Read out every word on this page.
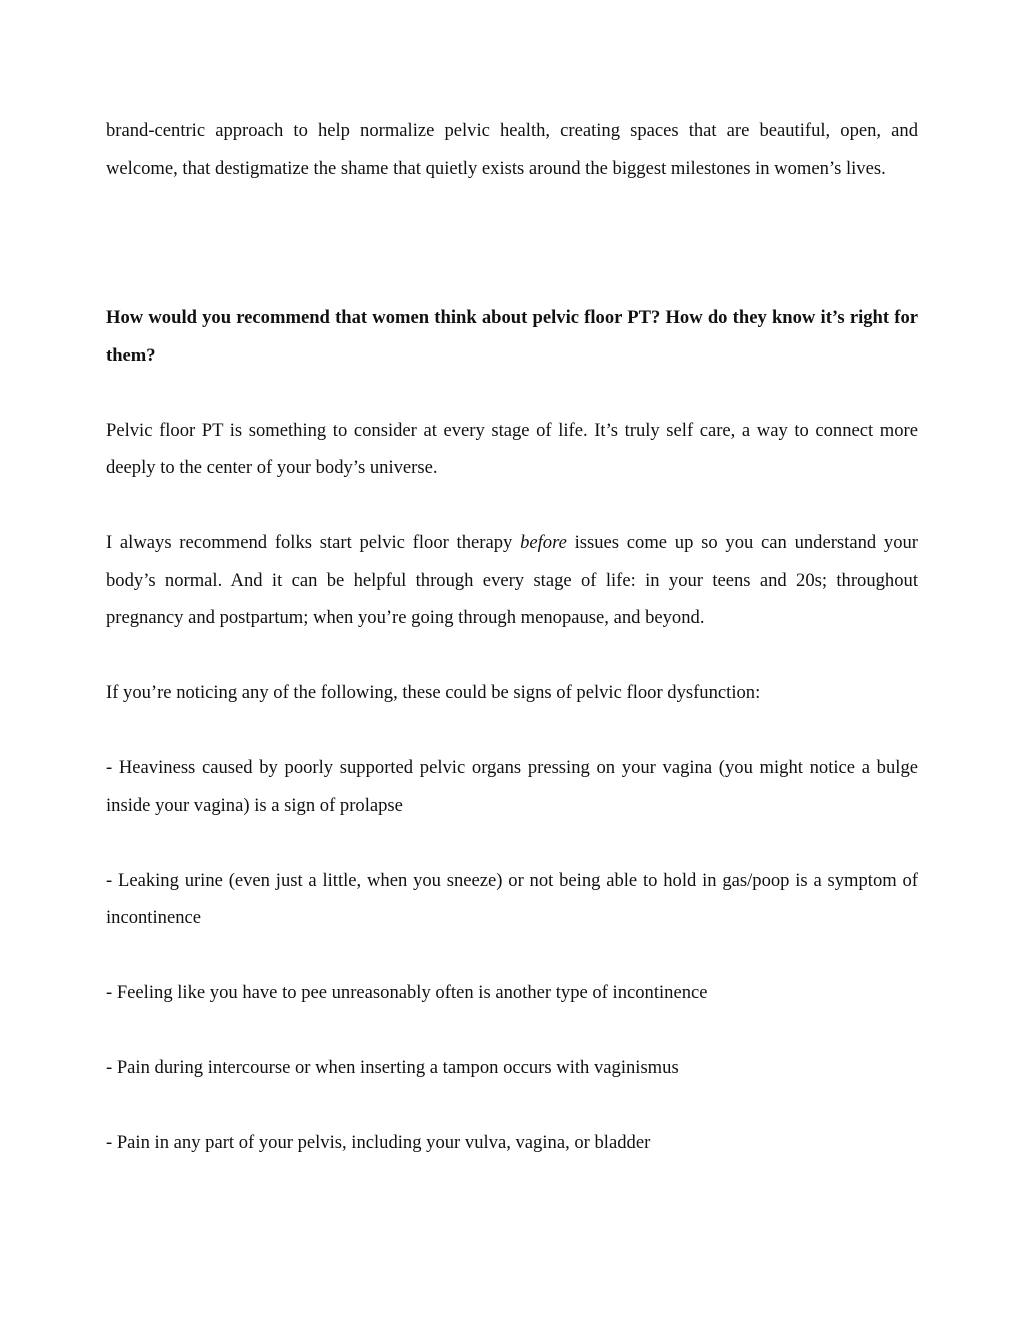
brand-centric approach to help normalize pelvic health, creating spaces that are beautiful, open, and welcome, that destigmatize the shame that quietly exists around the biggest milestones in women’s lives.

How would you recommend that women think about pelvic floor PT? How do they know it’s right for them?

Pelvic floor PT is something to consider at every stage of life. It’s truly self care, a way to connect more deeply to the center of your body’s universe.

I always recommend folks start pelvic floor therapy before issues come up so you can understand your body’s normal. And it can be helpful through every stage of life: in your teens and 20s; throughout pregnancy and postpartum; when you’re going through menopause, and beyond.

If you’re noticing any of the following, these could be signs of pelvic floor dysfunction:

- Heaviness caused by poorly supported pelvic organs pressing on your vagina (you might notice a bulge inside your vagina) is a sign of prolapse

- Leaking urine (even just a little, when you sneeze) or not being able to hold in gas/poop is a symptom of incontinence

- Feeling like you have to pee unreasonably often is another type of incontinence

- Pain during intercourse or when inserting a tampon occurs with vaginismus

- Pain in any part of your pelvis, including your vulva, vagina, or bladder
